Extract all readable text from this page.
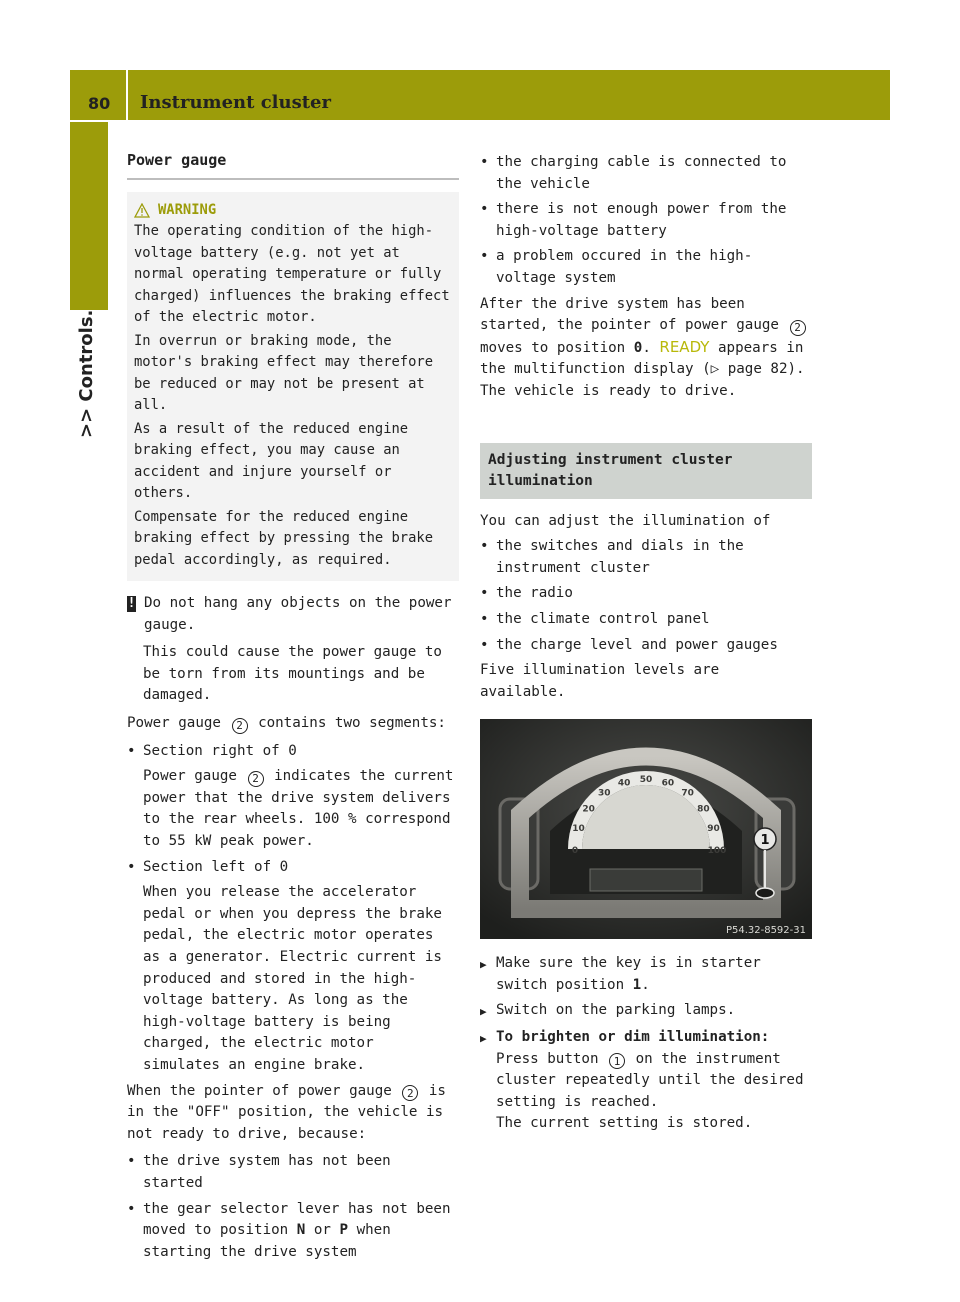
80 Instrument cluster
>> Controls.
Power gauge
WARNING

The operating condition of the high-voltage battery (e.g. not yet at normal operating temperature or fully charged) influences the braking effect of the electric motor.

In overrun or braking mode, the motor's braking effect may therefore be reduced or may not be present at all.

As a result of the reduced engine braking effect, you may cause an accident and injure yourself or others.

Compensate for the reduced engine braking effect by pressing the brake pedal accordingly, as required.

! Do not hang any objects on the power gauge.

This could cause the power gauge to be torn from its mountings and be damaged.

Power gauge 2 contains two segments:

• Section right of 0

Power gauge 2 indicates the current power that the drive system delivers to the rear wheels. 100 % correspond to 55 kW peak power.

• Section left of 0

When you release the accelerator pedal or when you depress the brake pedal, the electric motor operates as a generator. Electric current is produced and stored in the high-voltage battery. As long as the high-voltage battery is being charged, the electric motor simulates an engine brake.

When the pointer of power gauge 2 is in the "OFF" position, the vehicle is not ready to drive, because:

• the drive system has not been started
• the gear selector lever has not been moved to position N or P when starting the drive system
• the charging cable is connected to the vehicle
• there is not enough power from the high-voltage battery
• a problem occured in the high-voltage system

After the drive system has been started, the pointer of power gauge 2 moves to position 0. READY appears in the multifunction display (▷ page 82). The vehicle is ready to drive.

Adjusting instrument cluster illumination

You can adjust the illumination of

• the switches and dials in the instrument cluster
• the radio
• the climate control panel
• the charge level and power gauges

Five illumination levels are available.

0
10
20
30
40 50 60
70
80
90
100
1
P54.32-8592-31
▶ Make sure the key is in starter switch position 1.
▶ Switch on the parking lamps.
▶ To brighten or dim illumination: Press button 1 on the instrument cluster repeatedly until the desired setting is reached.
The current setting is stored.
